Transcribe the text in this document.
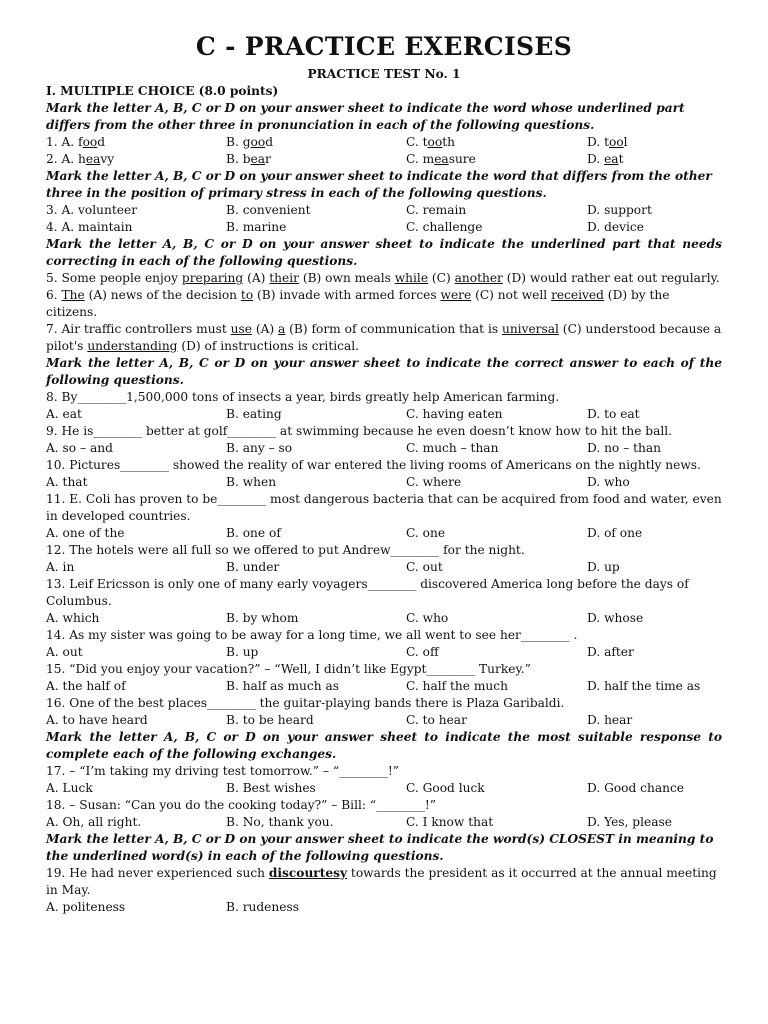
C - PRACTICE EXERCISES
PRACTICE TEST No. 1
I. MULTIPLE CHOICE (8.0 points)
Mark the letter A, B, C or D on your answer sheet to indicate the word whose underlined part differs from the other three in pronunciation in each of the following questions.
1. A. food	B. good	C. tooth	D. tool
2. A. heavy	B. bear	C. measure	D. eat
Mark the letter A, B, C or D on your answer sheet to indicate the word that differs from the other three in the position of primary stress in each of the following questions.
3. A. volunteer	B. convenient	C. remain	D. support
4. A. maintain	B. marine	C. challenge	D. device
Mark the letter A, B, C or D on your answer sheet to indicate the underlined part that needs correcting in each of the following questions.
5. Some people enjoy preparing (A) their (B) own meals while (C) another (D) would rather eat out regularly.
6. The (A) news of the decision to (B) invade with armed forces were (C) not well received (D) by the citizens.
7. Air traffic controllers must use (A) a (B) form of communication that is universal (C) understood because a pilot's understanding (D) of instructions is critical.
Mark the letter A, B, C or D on your answer sheet to indicate the correct answer to each of the following questions.
8. By________1,500,000 tons of insects a year, birds greatly help American farming.
A. eat	B. eating	C. having eaten	D. to eat
9. He is________ better at golf________ at swimming because he even doesn’t know how to hit the ball.
A. so – and	B. any – so	C. much – than	D. no – than
10. Pictures________ showed the reality of war entered the living rooms of Americans on the nightly news.
A. that	B. when	C. where	D. who
11. E. Coli has proven to be________ most dangerous bacteria that can be acquired from food and water, even in developed countries.
A. one of the	B. one of	C. one	D. of one
12. The hotels were all full so we offered to put Andrew________ for the night.
A. in	B. under	C. out	D. up
13. Leif Ericsson is only one of many early voyagers________ discovered America long before the days of Columbus.
A. which	B. by whom	C. who	D. whose
14. As my sister was going to be away for a long time, we all went to see her________ .
A. out	B. up	C. off	D. after
15. “Did you enjoy your vacation?” – “Well, I didn’t like Egypt________ Turkey.”
A. the half of	B. half as much as	C. half the much	D. half the time as
16. One of the best places________ the guitar-playing bands there is Plaza Garibaldi.
A. to have heard	B. to be heard	C. to hear	D. hear
Mark the letter A, B, C or D on your answer sheet to indicate the most suitable response to complete each of the following exchanges.
17. – “I’m taking my driving test tomorrow.” – “________!”
A. Luck	B. Best wishes	C. Good luck	D. Good chance
18. – Susan: “Can you do the cooking today?” – Bill: “________!”
A. Oh, all right.	B. No, thank you.	C. I know that	D. Yes, please
Mark the letter A, B, C or D on your answer sheet to indicate the word(s) CLOSEST in meaning to the underlined word(s) in each of the following questions.
19. He had never experienced such discourtesy towards the president as it occurred at the annual meeting in May.
A. politeness	B. rudeness
